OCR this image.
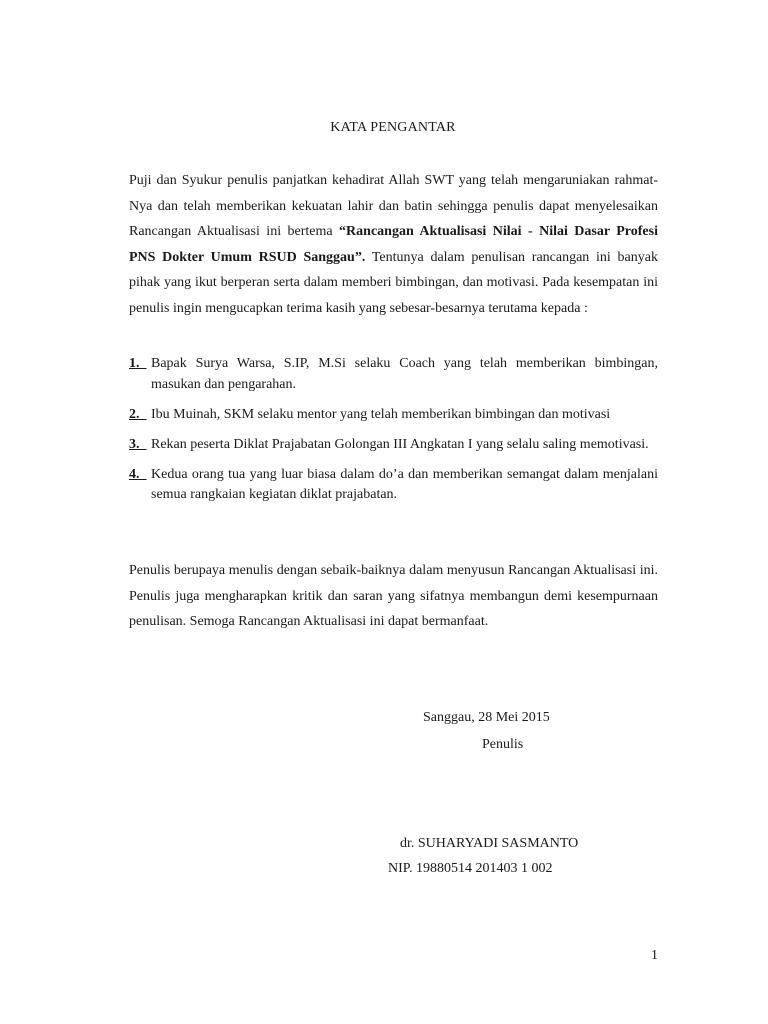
KATA PENGANTAR
Puji dan Syukur penulis panjatkan kehadirat Allah SWT yang telah mengaruniakan rahmat-Nya dan telah memberikan kekuatan lahir dan batin sehingga penulis dapat menyelesaikan Rancangan Aktualisasi ini bertema “Rancangan Aktualisasi Nilai - Nilai Dasar Profesi PNS Dokter Umum RSUD Sanggau”. Tentunya dalam penulisan rancangan ini banyak pihak yang ikut berperan serta dalam memberi bimbingan, dan motivasi. Pada kesempatan ini penulis ingin mengucapkan terima kasih yang sebesar-besarnya terutama kepada :
1. Bapak Surya Warsa, S.IP, M.Si selaku Coach yang telah memberikan bimbingan, masukan dan pengarahan.
2. Ibu Muinah, SKM selaku mentor yang telah memberikan bimbingan dan motivasi
3. Rekan peserta Diklat Prajabatan Golongan III Angkatan I yang selalu saling memotivasi.
4. Kedua orang tua yang luar biasa dalam do’a dan memberikan semangat dalam menjalani semua rangkaian kegiatan diklat prajabatan.
Penulis berupaya menulis dengan sebaik-baiknya dalam menyusun Rancangan Aktualisasi ini. Penulis juga mengharapkan kritik dan saran yang sifatnya membangun demi kesempurnaan penulisan. Semoga Rancangan Aktualisasi ini dapat bermanfaat.
Sanggau, 28 Mei 2015
Penulis
dr. SUHARYADI SASMANTO
NIP. 19880514 201403 1 002
1
